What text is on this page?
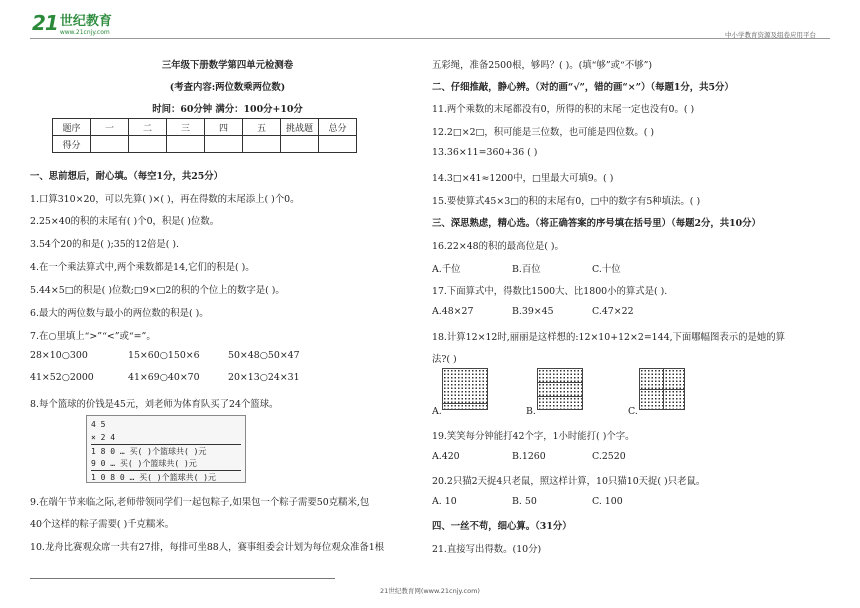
21 世纪教育
www.21cnjy.com	中小学教育资源及组卷应用平台
三年级下册数学第四单元检测卷
(考查内容:两位数乘两位数)
时间：60分钟 满分：100分+10分
一、思前想后，耐心填。（每空1分，共25分）
1.口算310×20，可以先算( )×( )，再在得数的末尾添上( )个0。
2.25×40的积的末尾有( )个0，积是( )位数。
3.54个20的和是( );35的12倍是( ).
4.在一个乘法算式中,两个乘数都是14,它们的积是( )。
5.44×5□的积是( )位数;□9×□2的积的个位上的数字是( )。
6.最大的两位数与最小的两位数的积是( )。
7.在○里填上“>”“<”或“=”。
28×10○300	15×60○150×6	50×48○50×47
41×52○2000	41×69○40×70	20×13○24×31
8.每个篮球的价钱是45元，刘老师为体育队买了24个篮球。
9.在端午节来临之际,老师带领同学们一起包粽子,如果包一个粽子需要50克糯米,包
40个这样的粽子需要( )千克糯米。
10.龙舟比赛观众席一共有27排，每排可坐88人，赛事组委会计划为每位观众准备1根
题序	一	二	三	四	五	挑战题	总分
得分							
4 5
× 2 4
1 8 0 … 买( )个篮球共( )元
9 0 … 买( )个篮球共( )元
1 0 8 0 … 买( )个篮球共( )元
五彩绳，准备2500根，够吗？( )。(填“够”或“不够”)
二、仔细推敲，静心辨。（对的画“√”，错的画“×”）（每题1分，共5分）
11.两个乘数的末尾都没有0，所得的积的末尾一定也没有0。( )
12.2□×2□，积可能是三位数，也可能是四位数。( )
13.36×11=360+36 ( )
14.3□×41≈1200中，□里最大可填9。( )
15.要使算式45×3□的积的末尾有0，□中的数字有5种填法。( )
三、深思熟虑，精心选。（将正确答案的序号填在括号里）（每题2分，共10分）
16.22×48的积的最高位是( )。
A.千位	B.百位	C.十位
17.下面算式中，得数比1500大、比1800小的算式是( ).
A.48×27	B.39×45	C.47×22
18.计算12×12时,丽丽是这样想的:12×10+12×2=144,下面哪幅图表示的是她的算
法?( )
A.	B.	C.
19.笑笑每分钟能打42个字，1小时能打( )个字。
A.420	B.1260	C.2520
20.2只猫2天捉4只老鼠，照这样计算，10只猫10天捉( )只老鼠。
A. 10	B. 50	C. 100
四、一丝不苟，细心算。（31分）
21.直接写出得数。(10分)
21世纪教育网(www.21cnjy.com)
